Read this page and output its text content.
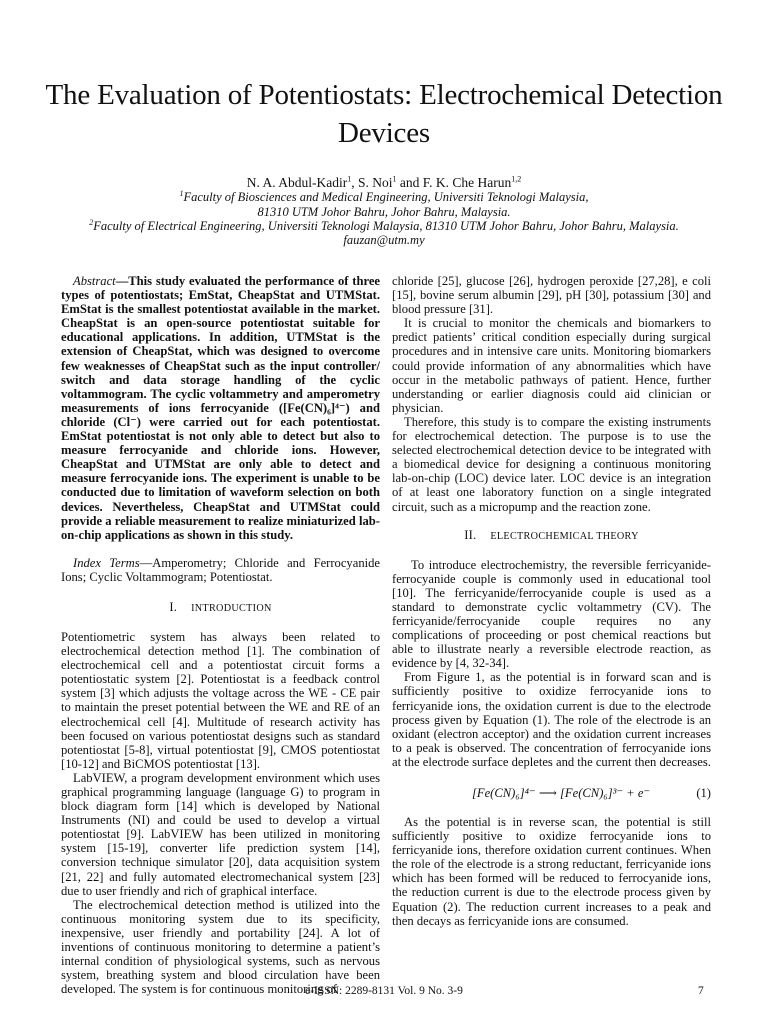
The Evaluation of Potentiostats: Electrochemical Detection Devices
N. A. Abdul-Kadir$^1$, S. Noi$^1$ and F. K. Che Harun$^{1,2}$
$^1$Faculty of Biosciences and Medical Engineering, Universiti Teknologi Malaysia,
81310 UTM Johor Bahru, Johor Bahru, Malaysia.
$^2$Faculty of Electrical Engineering, Universiti Teknologi Malaysia, 81310 UTM Johor Bahru, Johor Bahru, Malaysia.
fauzan@utm.my

Abstract—This study evaluated the performance of three types of potentiostats; EmStat, CheapStat and UTMStat. EmStat is the smallest potentiostat available in the market. CheapStat is an open-source potentiostat suitable for educational applications. In addition, UTMStat is the extension of CheapStat, which was designed to overcome few weaknesses of CheapStat such as the input controller/ switch and data storage handling of the cyclic voltammogram. The cyclic voltammetry and amperometry measurements of ions ferrocyanide ([Fe(CN)₆]⁴⁻) and chloride (Cl⁻) were carried out for each potentiostat. EmStat potentiostat is not only able to detect but also to measure ferrocyanide and chloride ions. However, CheapStat and UTMStat are only able to detect and measure ferrocyanide ions. The experiment is unable to be conducted due to limitation of waveform selection on both devices. Nevertheless, CheapStat and UTMStat could provide a reliable measurement to realize miniaturized lab-on-chip applications as shown in this study.

Index Terms—Amperometry; Chloride and Ferrocyanide Ions; Cyclic Voltammogram; Potentiostat.

I. INTRODUCTION

Potentiometric system has always been related to electrochemical detection method [1]. The combination of electrochemical cell and a potentiostat circuit forms a potentiostatic system [2]. Potentiostat is a feedback control system [3] which adjusts the voltage across the WE - CE pair to maintain the preset potential between the WE and RE of an electrochemical cell [4]. Multitude of research activity has been focused on various potentiostat designs such as standard potentiostat [5-8], virtual potentiostat [9], CMOS potentiostat [10-12] and BiCMOS potentiostat [13].

LabVIEW, a program development environment which uses graphical programming language (language G) to program in block diagram form [14] which is developed by National Instruments (NI) and could be used to develop a virtual potentiostat [9]. LabVIEW has been utilized in monitoring system [15-19], converter life prediction system [14], conversion technique simulator [20], data acquisition system [21, 22] and fully automated electromechanical system [23] due to user friendly and rich of graphical interface.

The electrochemical detection method is utilized into the continuous monitoring system due to its specificity, inexpensive, user friendly and portability [24]. A lot of inventions of continuous monitoring to determine a patient’s internal condition of physiological systems, such as nervous system, breathing system and blood circulation have been developed. The system is for continuous monitoring of

chloride [25], glucose [26], hydrogen peroxide [27,28], e coli [15], bovine serum albumin [29], pH [30], potassium [30] and blood pressure [31].

It is crucial to monitor the chemicals and biomarkers to predict patients’ critical condition especially during surgical procedures and in intensive care units. Monitoring biomarkers could provide information of any abnormalities which have occur in the metabolic pathways of patient. Hence, further understanding or earlier diagnosis could aid clinician or physician.

Therefore, this study is to compare the existing instruments for electrochemical detection. The purpose is to use the selected electrochemical detection device to be integrated with a biomedical device for designing a continuous monitoring lab-on-chip (LOC) device later. LOC device is an integration of at least one laboratory function on a single integrated circuit, such as a micropump and the reaction zone.

II. ELECTROCHEMICAL THEORY

To introduce electrochemistry, the reversible ferricyanide-ferrocyanide couple is commonly used in educational tool [10]. The ferricyanide/ferrocyanide couple is used as a standard to demonstrate cyclic voltammetry (CV). The ferricyanide/ferrocyanide couple requires no any complications of proceeding or post chemical reactions but able to illustrate nearly a reversible electrode reaction, as evidence by [4, 32-34].

From Figure 1, as the potential is in forward scan and is sufficiently positive to oxidize ferrocyanide ions to ferricyanide ions, the oxidation current is due to the electrode process given by Equation (1). The role of the electrode is an oxidant (electron acceptor) and the oxidation current increases to a peak is observed. The concentration of ferrocyanide ions at the electrode surface depletes and the current then decreases.

[Fe(CN)₆]⁴⁻ ⟶ [Fe(CN)₆]³⁻ + e⁻	(1)

As the potential is in reverse scan, the potential is still sufficiently positive to oxidize ferrocyanide ions to ferricyanide ions, therefore oxidation current continues. When the role of the electrode is a strong reductant, ferricyanide ions which has been formed will be reduced to ferrocyanide ions, the reduction current is due to the electrode process given by Equation (2). The reduction current increases to a peak and then decays as ferricyanide ions are consumed.

e-ISSN: 2289-8131 Vol. 9 No. 3-9	7
